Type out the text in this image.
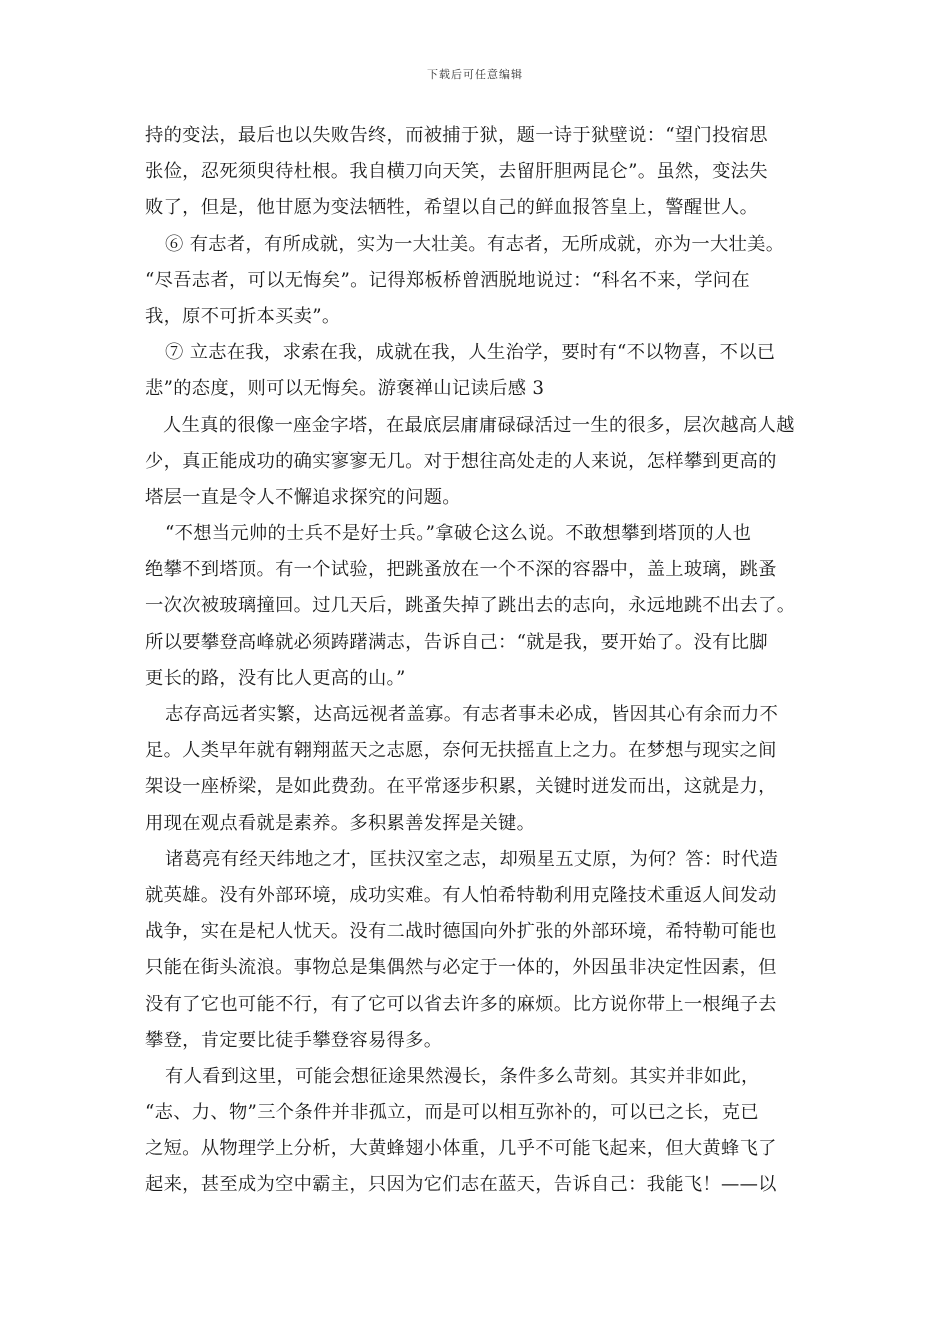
下载后可任意编辑
持的变法，最后也以失败告终，而被捕于狱，题一诗于狱壁说：“望门投宿思
张俭，忍死须臾待杜根。我自横刀向天笑，去留肝胆两昆仑”。虽然，变法失
败了，但是，他甘愿为变法牺牲，希望以自己的鲜血报答皇上，警醒世人。
⑥ 有志者，有所成就，实为一大壮美。有志者，无所成就，亦为一大壮美。
“尽吾志者，可以无悔矣”。记得郑板桥曾洒脱地说过：“科名不来，学问在
我，原不可折本买卖”。
⑦ 立志在我，求索在我，成就在我，人生治学，要时有“不以物喜，不以已
悲”的态度，则可以无悔矣。游褒禅山记读后感 3
人生真的很像一座金字塔，在最底层庸庸碌碌活过一生的很多，层次越高人越
少，真正能成功的确实寥寥无几。对于想往高处走的人来说，怎样攀到更高的
塔层一直是令人不懈追求探究的问题。
“不想当元帅的士兵不是好士兵。”拿破仑这么说。不敢想攀到塔顶的人也
绝攀不到塔顶。有一个试验，把跳蚤放在一个不深的容器中，盖上玻璃，跳蚤
一次次被玻璃撞回。过几天后，跳蚤失掉了跳出去的志向，永远地跳不出去了。
所以要攀登高峰就必须踌躇满志，告诉自己：“就是我，要开始了。没有比脚
更长的路，没有比人更高的山。”
志存高远者实繁，达高远视者盖寡。有志者事未必成，皆因其心有余而力不
足。人类早年就有翱翔蓝天之志愿，奈何无扶摇直上之力。在梦想与现实之间
架设一座桥梁，是如此费劲。在平常逐步积累，关键时迸发而出，这就是力，
用现在观点看就是素养。多积累善发挥是关键。
诸葛亮有经天纬地之才，匡扶汉室之志，却殒星五丈原，为何？答：时代造
就英雄。没有外部环境，成功实难。有人怕希特勒利用克隆技术重返人间发动
战争，实在是杞人忧天。没有二战时德国向外扩张的外部环境，希特勒可能也
只能在街头流浪。事物总是集偶然与必定于一体的，外因虽非决定性因素，但
没有了它也可能不行，有了它可以省去许多的麻烦。比方说你带上一根绳子去
攀登，肯定要比徒手攀登容易得多。
有人看到这里，可能会想征途果然漫长，条件多么苛刻。其实并非如此，
“志、力、物”三个条件并非孤立，而是可以相互弥补的，可以已之长，克已
之短。从物理学上分析，大黄蜂翅小体重，几乎不可能飞起来，但大黄蜂飞了
起来，甚至成为空中霸主，只因为它们志在蓝天，告诉自己：我能飞！——以
